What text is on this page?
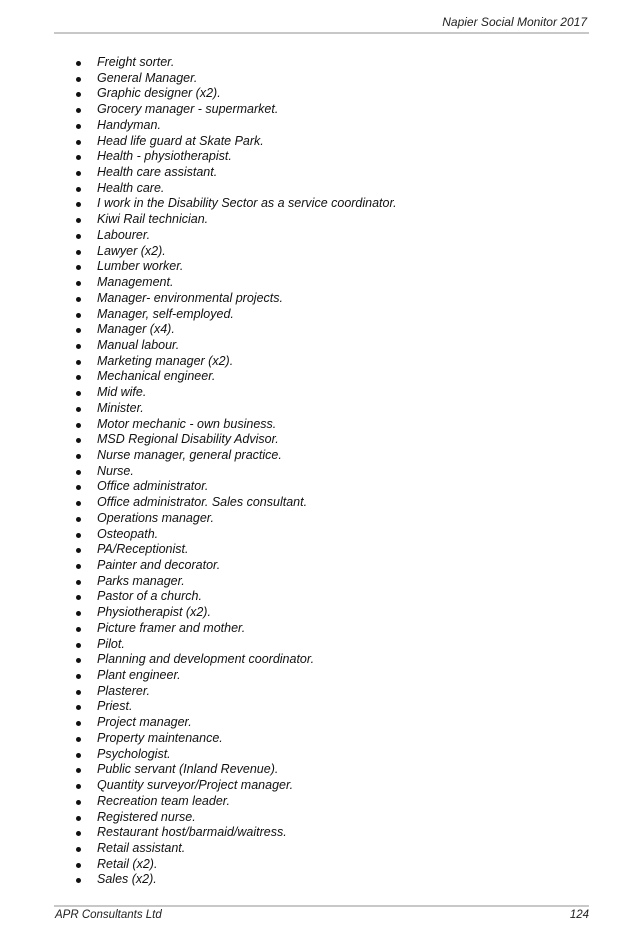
Napier Social Monitor 2017
Freight sorter.
General Manager.
Graphic designer (x2).
Grocery manager - supermarket.
Handyman.
Head life guard at Skate Park.
Health - physiotherapist.
Health care assistant.
Health care.
I work in the Disability Sector as a service coordinator.
Kiwi Rail technician.
Labourer.
Lawyer (x2).
Lumber worker.
Management.
Manager- environmental projects.
Manager, self-employed.
Manager (x4).
Manual labour.
Marketing manager (x2).
Mechanical engineer.
Mid wife.
Minister.
Motor mechanic - own business.
MSD Regional Disability Advisor.
Nurse manager, general practice.
Nurse.
Office administrator.
Office administrator. Sales consultant.
Operations manager.
Osteopath.
PA/Receptionist.
Painter and decorator.
Parks manager.
Pastor of a church.
Physiotherapist (x2).
Picture framer and mother.
Pilot.
Planning and development coordinator.
Plant engineer.
Plasterer.
Priest.
Project manager.
Property maintenance.
Psychologist.
Public servant (Inland Revenue).
Quantity surveyor/Project manager.
Recreation team leader.
Registered nurse.
Restaurant host/barmaid/waitress.
Retail assistant.
Retail (x2).
Sales (x2).
APR Consultants Ltd	124
